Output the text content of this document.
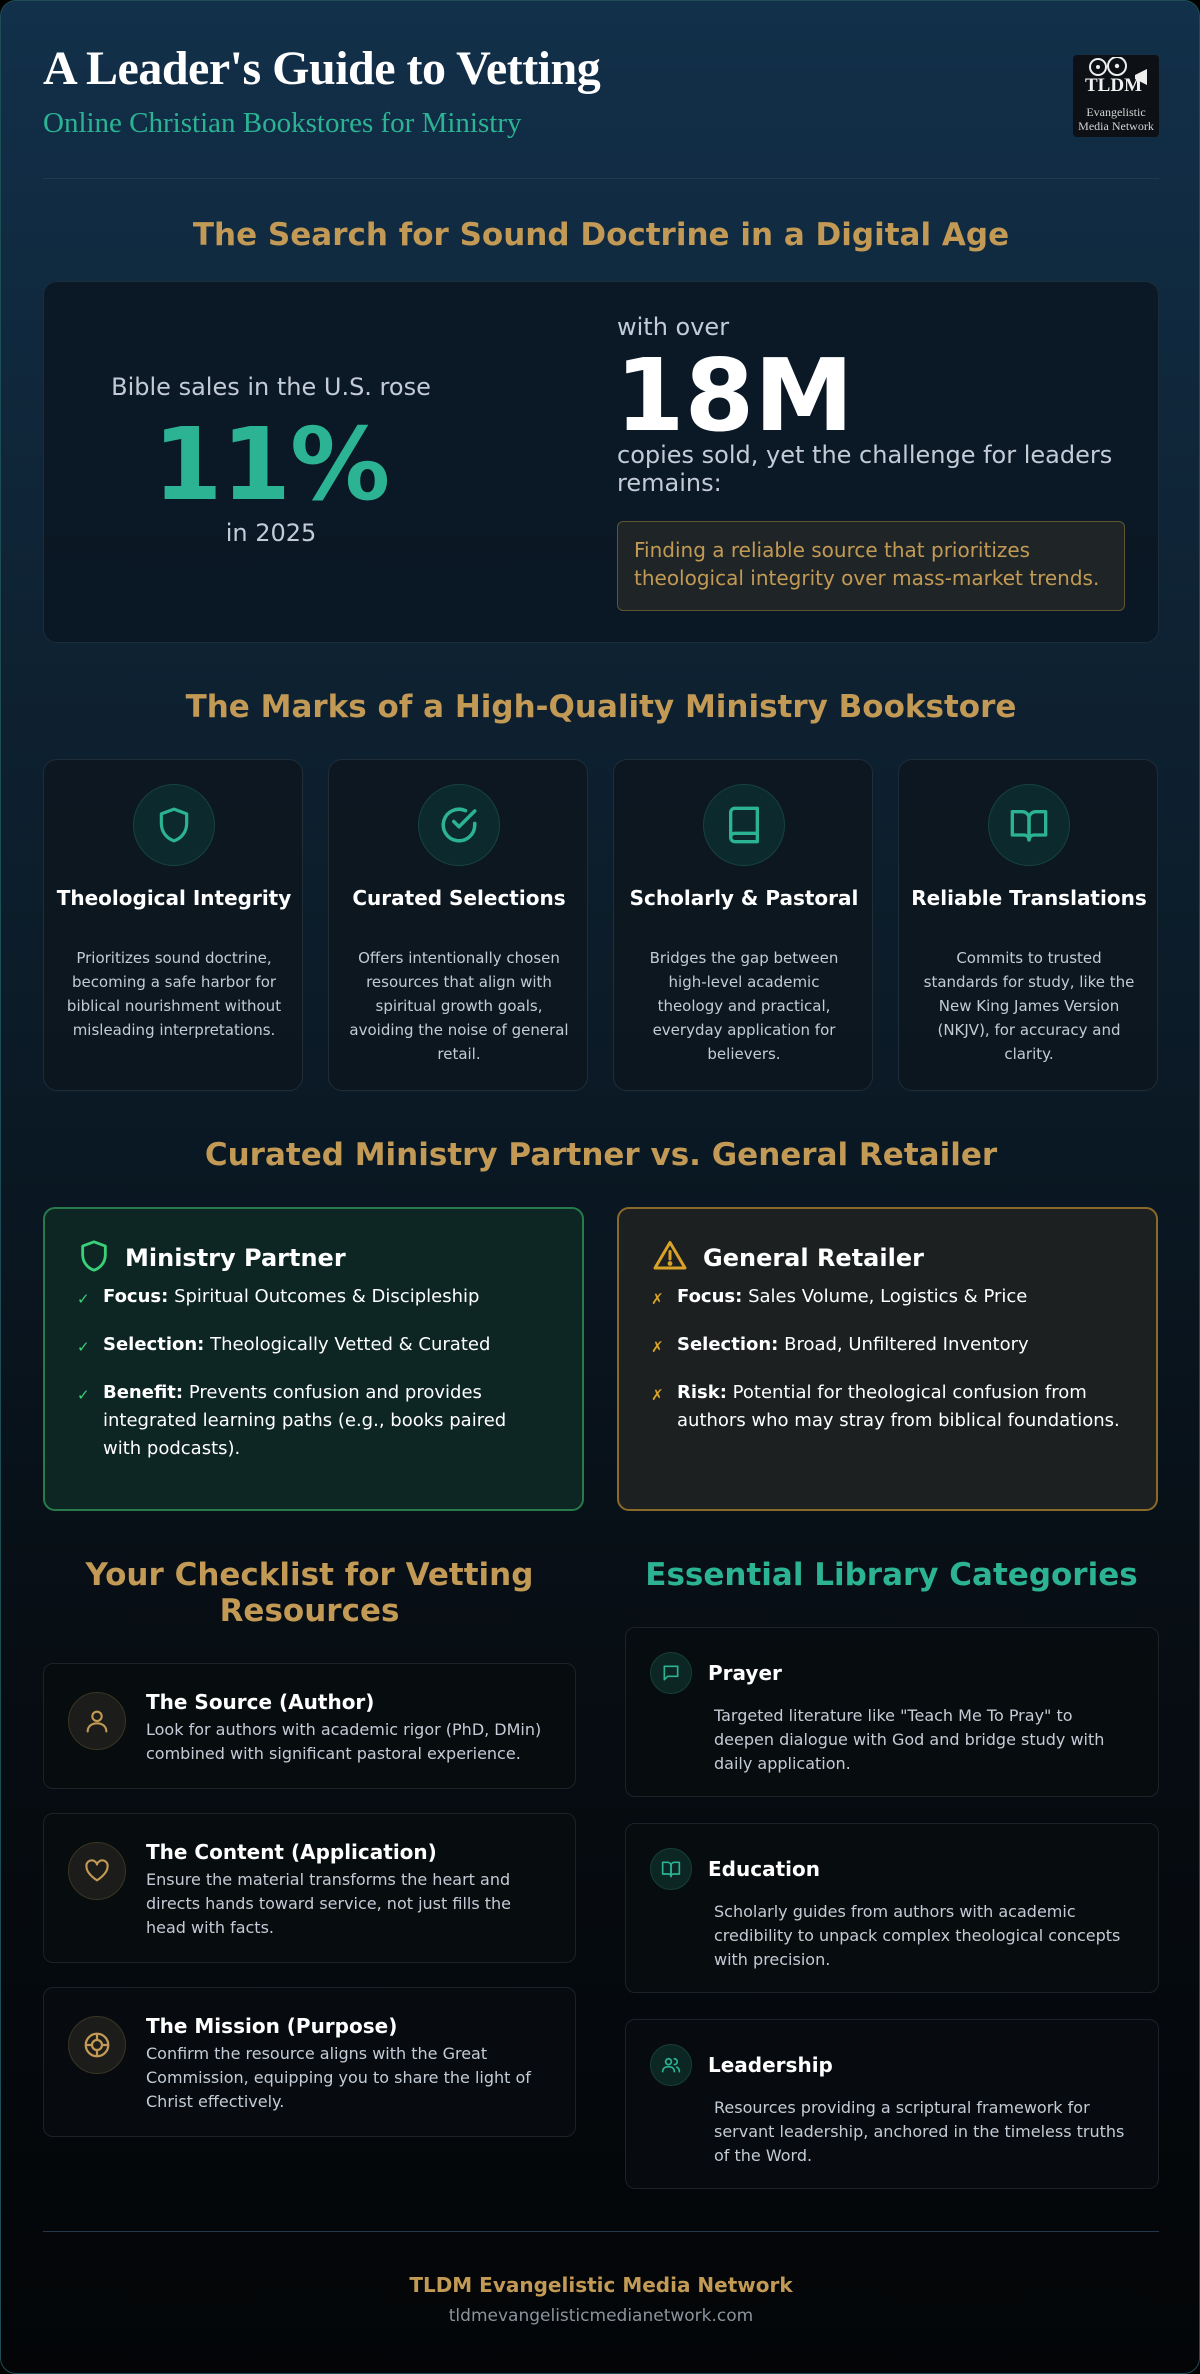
A Leader's Guide to Vetting
Online Christian Bookstores for Ministry
TLDM
Evangelistic
Media Network
The Search for Sound Doctrine in a Digital Age
Bible sales in the U.S. rose
11%
in 2025
with over
18M
copies sold, yet the challenge for leaders remains:
Finding a reliable source that prioritizes theological integrity over mass-market trends.
The Marks of a High-Quality Ministry Bookstore
Theological Integrity
Prioritizes sound doctrine, becoming a safe harbor for biblical nourishment without misleading interpretations.
Curated Selections
Offers intentionally chosen resources that align with spiritual growth goals, avoiding the noise of general retail.
Scholarly & Pastoral
Bridges the gap between high-level academic theology and practical, everyday application for believers.
Reliable Translations
Commits to trusted standards for study, like the New King James Version (NKJV), for accuracy and clarity.
Curated Ministry Partner vs. General Retailer
Ministry Partner
✓ Focus: Spiritual Outcomes & Discipleship
✓ Selection: Theologically Vetted & Curated
✓ Benefit: Prevents confusion and provides integrated learning paths (e.g., books paired with podcasts).
General Retailer
✗ Focus: Sales Volume, Logistics & Price
✗ Selection: Broad, Unfiltered Inventory
✗ Risk: Potential for theological confusion from authors who may stray from biblical foundations.
Your Checklist for Vetting Resources
The Source (Author)
Look for authors with academic rigor (PhD, DMin) combined with significant pastoral experience.
The Content (Application)
Ensure the material transforms the heart and directs hands toward service, not just fills the head with facts.
The Mission (Purpose)
Confirm the resource aligns with the Great Commission, equipping you to share the light of Christ effectively.
Essential Library Categories
Prayer
Targeted literature like "Teach Me To Pray" to deepen dialogue with God and bridge study with daily application.
Education
Scholarly guides from authors with academic credibility to unpack complex theological concepts with precision.
Leadership
Resources providing a scriptural framework for servant leadership, anchored in the timeless truths of the Word.
TLDM Evangelistic Media Network
tldmevangelisticmedianetwork.com
